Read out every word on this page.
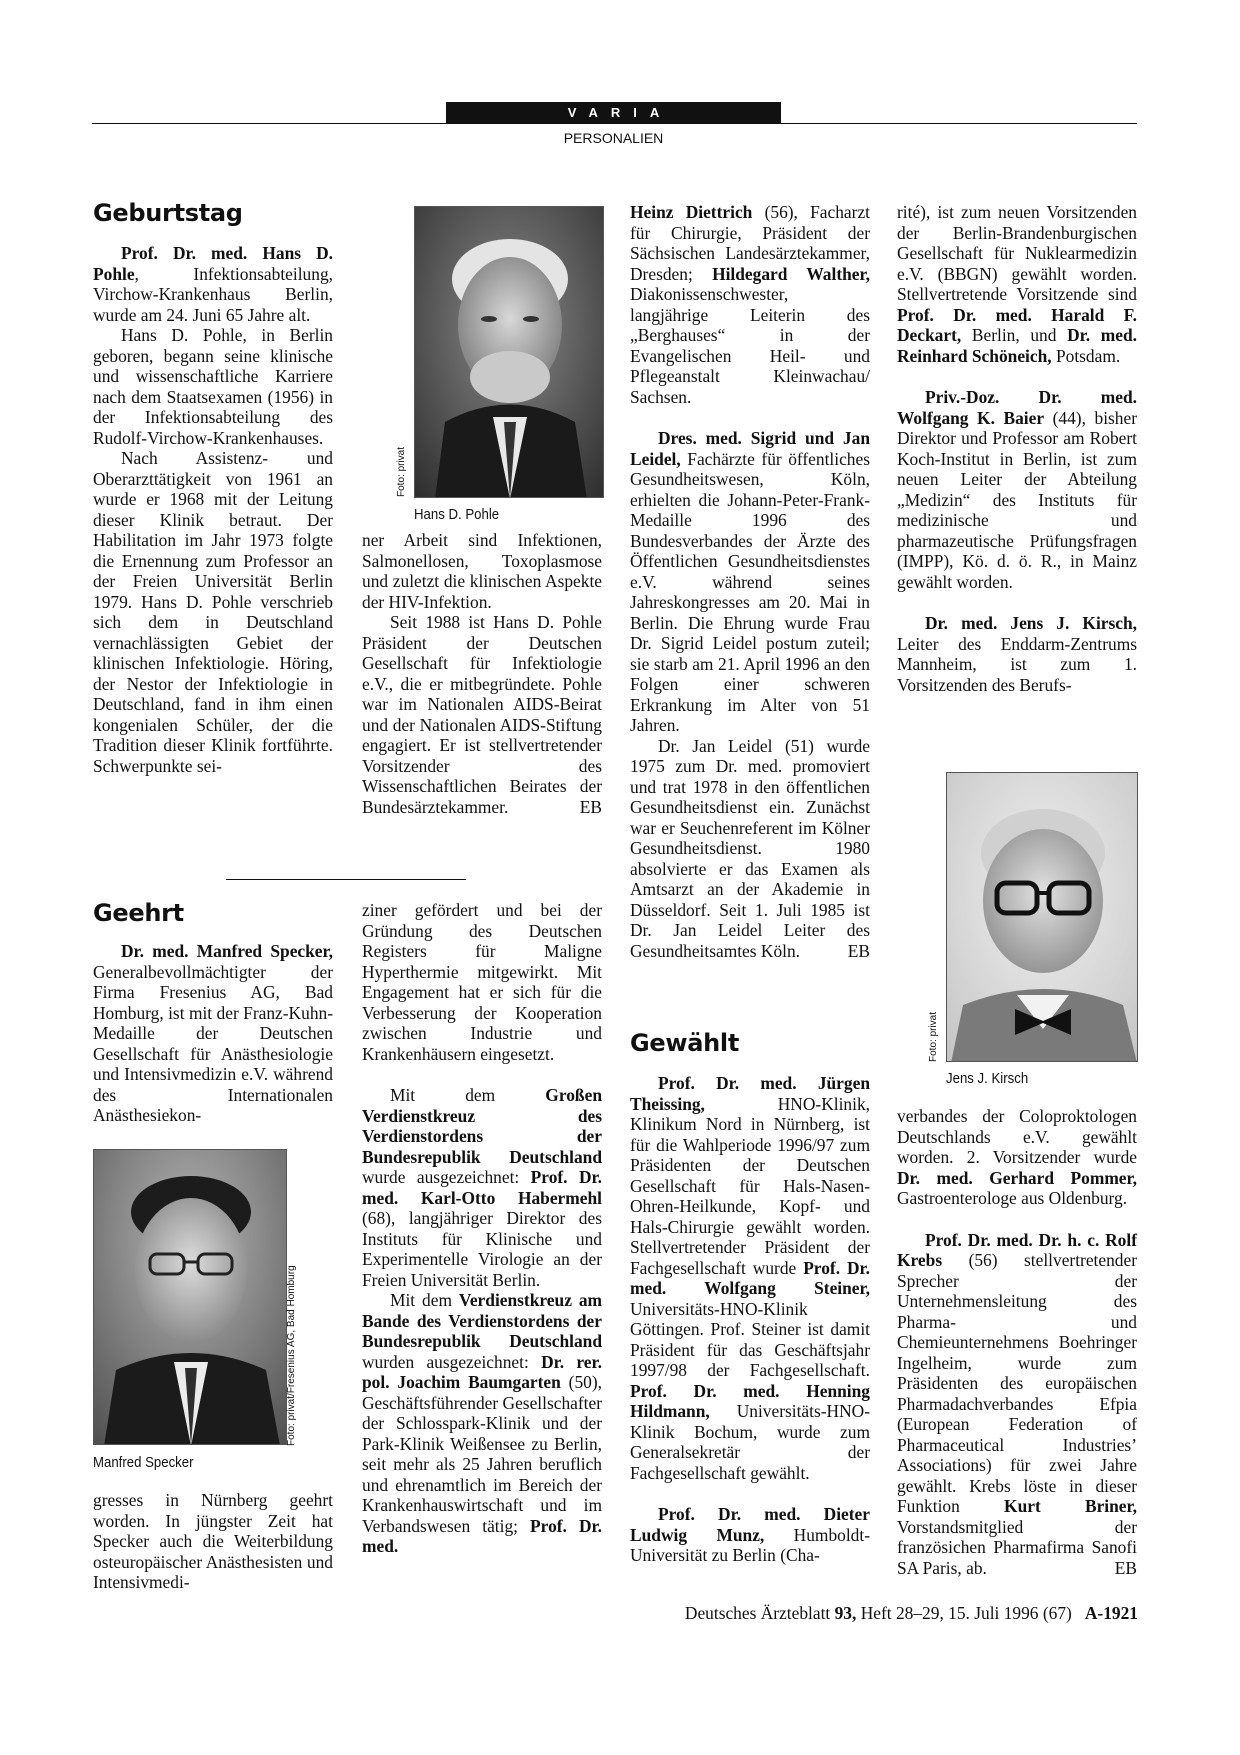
VARIA
PERSONALIEN
Geburtstag

Prof. Dr. med. Hans D. Pohle, Infektionsabteilung, Virchow-Krankenhaus Berlin, wurde am 24. Juni 65 Jahre alt.

Hans D. Pohle, in Berlin geboren, begann seine klinische und wissenschaftliche Karriere nach dem Staatsexamen (1956) in der Infektionsabteilung des Rudolf-Virchow-Krankenhauses.

Nach Assistenz- und Oberarzttätigkeit von 1961 an wurde er 1968 mit der Leitung dieser Klinik betraut. Der Habilitation im Jahr 1973 folgte die Ernennung zum Professor an der Freien Universität Berlin 1979. Hans D. Pohle verschrieb sich dem in Deutschland vernachlässigten Gebiet der klinischen Infektiologie. Höring, der Nestor der Infektiologie in Deutschland, fand in ihm einen kongenialen Schüler, der die Tradition dieser Klinik fortführte. Schwerpunkte sei-

Foto: privat
Hans D. Pohle

ner Arbeit sind Infektionen, Salmonellosen, Toxoplasmose und zuletzt die klinischen Aspekte der HIV-Infektion.

Seit 1988 ist Hans D. Pohle Präsident der Deutschen Gesellschaft für Infektiologie e.V., die er mitbegründete. Pohle war im Nationalen AIDS-Beirat und der Nationalen AIDS-Stiftung engagiert. Er ist stellvertretender Vorsitzender des Wissenschaftlichen Beirates der Bundesärztekammer.	EB

Geehrt

Dr. med. Manfred Specker, Generalbevollmächtigter der Firma Fresenius AG, Bad Homburg, ist mit der Franz-Kuhn-Medaille der Deutschen Gesellschaft für Anästhesiologie und Intensivmedizin e.V. während des Internationalen Anästhesiekon-

Foto: privat/Fresenius AG, Bad Homburg
Manfred Specker

gresses in Nürnberg geehrt worden. In jüngster Zeit hat Specker auch die Weiterbildung osteuropäischer Anästhesisten und Intensivmedi-

ziner gefördert und bei der Gründung des Deutschen Registers für Maligne Hyperthermie mitgewirkt. Mit Engagement hat er sich für die Verbesserung der Kooperation zwischen Industrie und Krankenhäusern eingesetzt.

Mit dem Großen Verdienstkreuz des Verdienstordens der Bundesrepublik Deutschland wurde ausgezeichnet: Prof. Dr. med. Karl-Otto Habermehl (68), langjähriger Direktor des Instituts für Klinische und Experimentelle Virologie an der Freien Universität Berlin.

Mit dem Verdienstkreuz am Bande des Verdienstordens der Bundesrepublik Deutschland wurden ausgezeichnet: Dr. rer. pol. Joachim Baumgarten (50), Geschäftsführender Gesellschafter der Schlosspark-Klinik und der Park-Klinik Weißensee zu Berlin, seit mehr als 25 Jahren beruflich und ehrenamtlich im Bereich der Krankenhauswirtschaft und im Verbandswesen tätig; Prof. Dr. med.

Heinz Diettrich (56), Facharzt für Chirurgie, Präsident der Sächsischen Landesärztekammer, Dresden; Hildegard Walther, Diakonissenschwester, langjährige Leiterin des „Berghauses“ in der Evangelischen Heil- und Pflegeanstalt Kleinwachau/ Sachsen.

Dres. med. Sigrid und Jan Leidel, Fachärzte für öffentliches Gesundheitswesen, Köln, erhielten die Johann-Peter-Frank-Medaille 1996 des Bundesverbandes der Ärzte des Öffentlichen Gesundheitsdienstes e.V. während seines Jahreskongresses am 20. Mai in Berlin. Die Ehrung wurde Frau Dr. Sigrid Leidel postum zuteil; sie starb am 21. April 1996 an den Folgen einer schweren Erkrankung im Alter von 51 Jahren.

Dr. Jan Leidel (51) wurde 1975 zum Dr. med. promoviert und trat 1978 in den öffentlichen Gesundheitsdienst ein. Zunächst war er Seuchenreferent im Kölner Gesundheitsdienst. 1980 absolvierte er das Examen als Amtsarzt an der Akademie in Düsseldorf. Seit 1. Juli 1985 ist Dr. Jan Leidel Leiter des Gesundheitsamtes Köln.	EB

Gewählt

Prof. Dr. med. Jürgen Theissing, HNO-Klinik, Klinikum Nord in Nürnberg, ist für die Wahlperiode 1996/97 zum Präsidenten der Deutschen Gesellschaft für Hals-Nasen- Ohren-Heilkunde, Kopf- und Hals-Chirurgie gewählt worden. Stellvertretender Präsident der Fachgesellschaft wurde Prof. Dr. med. Wolfgang Steiner, Universitäts-HNO-Klinik Göttingen. Prof. Steiner ist damit Präsident für das Geschäftsjahr 1997/98 der Fachgesellschaft. Prof. Dr. med. Henning Hildmann, Universitäts-HNO-Klinik Bochum, wurde zum Generalsekretär der Fachgesellschaft gewählt.

Prof. Dr. med. Dieter Ludwig Munz, Humboldt-Universität zu Berlin (Cha-

rité), ist zum neuen Vorsitzenden der Berlin-Brandenburgischen Gesellschaft für Nuklearmedizin e.V. (BBGN) gewählt worden. Stellvertretende Vorsitzende sind Prof. Dr. med. Harald F. Deckart, Berlin, und Dr. med. Reinhard Schöneich, Potsdam.

Priv.-Doz. Dr. med. Wolfgang K. Baier (44), bisher Direktor und Professor am Robert Koch-Institut in Berlin, ist zum neuen Leiter der Abteilung „Medizin“ des Instituts für medizinische und pharmazeutische Prüfungsfragen (IMPP), Kö. d. ö. R., in Mainz gewählt worden.

Dr. med. Jens J. Kirsch, Leiter des Enddarm-Zentrums Mannheim, ist zum 1. Vorsitzenden des Berufs-

Foto: privat
Jens J. Kirsch

verbandes der Coloproktologen Deutschlands e.V. gewählt worden. 2. Vorsitzender wurde Dr. med. Gerhard Pommer, Gastroenterologe aus Oldenburg.

Prof. Dr. med. Dr. h. c. Rolf Krebs (56) stellvertretender Sprecher der Unternehmensleitung des Pharma- und Chemieunternehmens Boehringer Ingelheim, wurde zum Präsidenten des europäischen Pharmadachverbandes Efpia (European Federation of Pharmaceutical Industries’ Associations) für zwei Jahre gewählt. Krebs löste in dieser Funktion Kurt Briner, Vorstandsmitglied der französichen Pharmafirma Sanofi SA Paris, ab.	EB

Deutsches Ärzteblatt 93, Heft 28–29, 15. Juli 1996 (67) A-1921
